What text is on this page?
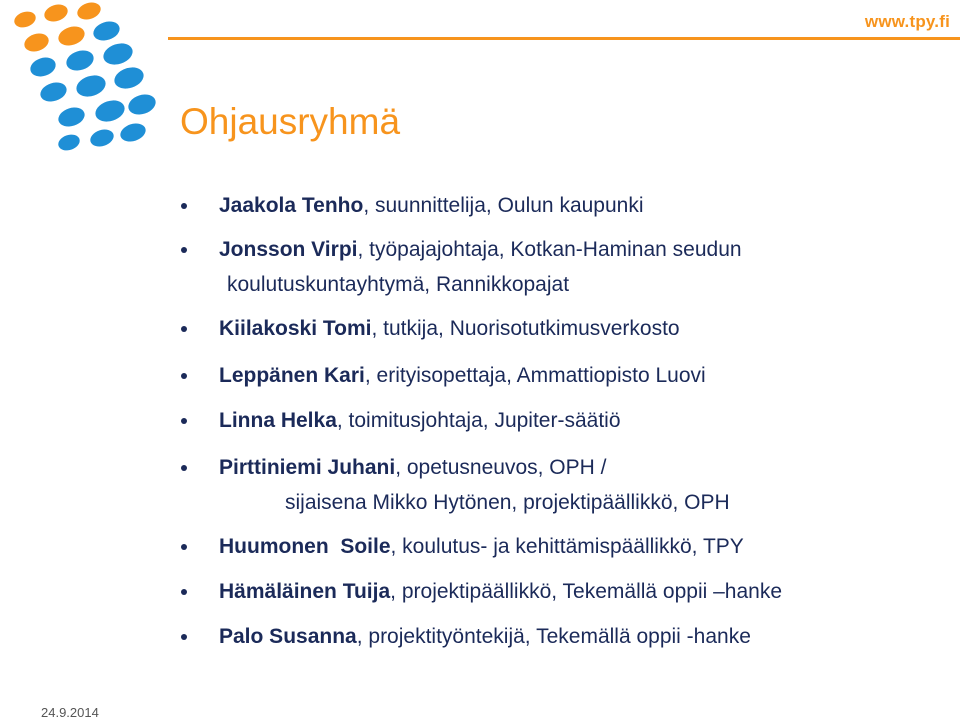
www.tpy.fi
Ohjausryhmä
Jaakola Tenho, suunnittelija, Oulun kaupunki
Jonsson Virpi, työpajajohtaja, Kotkan-Haminan seudun
koulutuskuntayhtymä, Rannikkopajat
Kiilakoski Tomi, tutkija, Nuorisotutkimusverkosto
Leppänen Kari, erityisopettaja, Ammattiopisto Luovi
Linna Helka, toimitusjohtaja, Jupiter-säätiö
Pirttiniemi Juhani, opetusneuvos, OPH /
sijaisena Mikko Hytönen, projektipäällikkö, OPH
Huumonen  Soile, koulutus- ja kehittämispäällikkö, TPY
Hämäläinen Tuija, projektipäällikkö, Tekemällä oppii –hanke
Palo Susanna, projektityöntekijä, Tekemällä oppii -hanke
24.9.2014
